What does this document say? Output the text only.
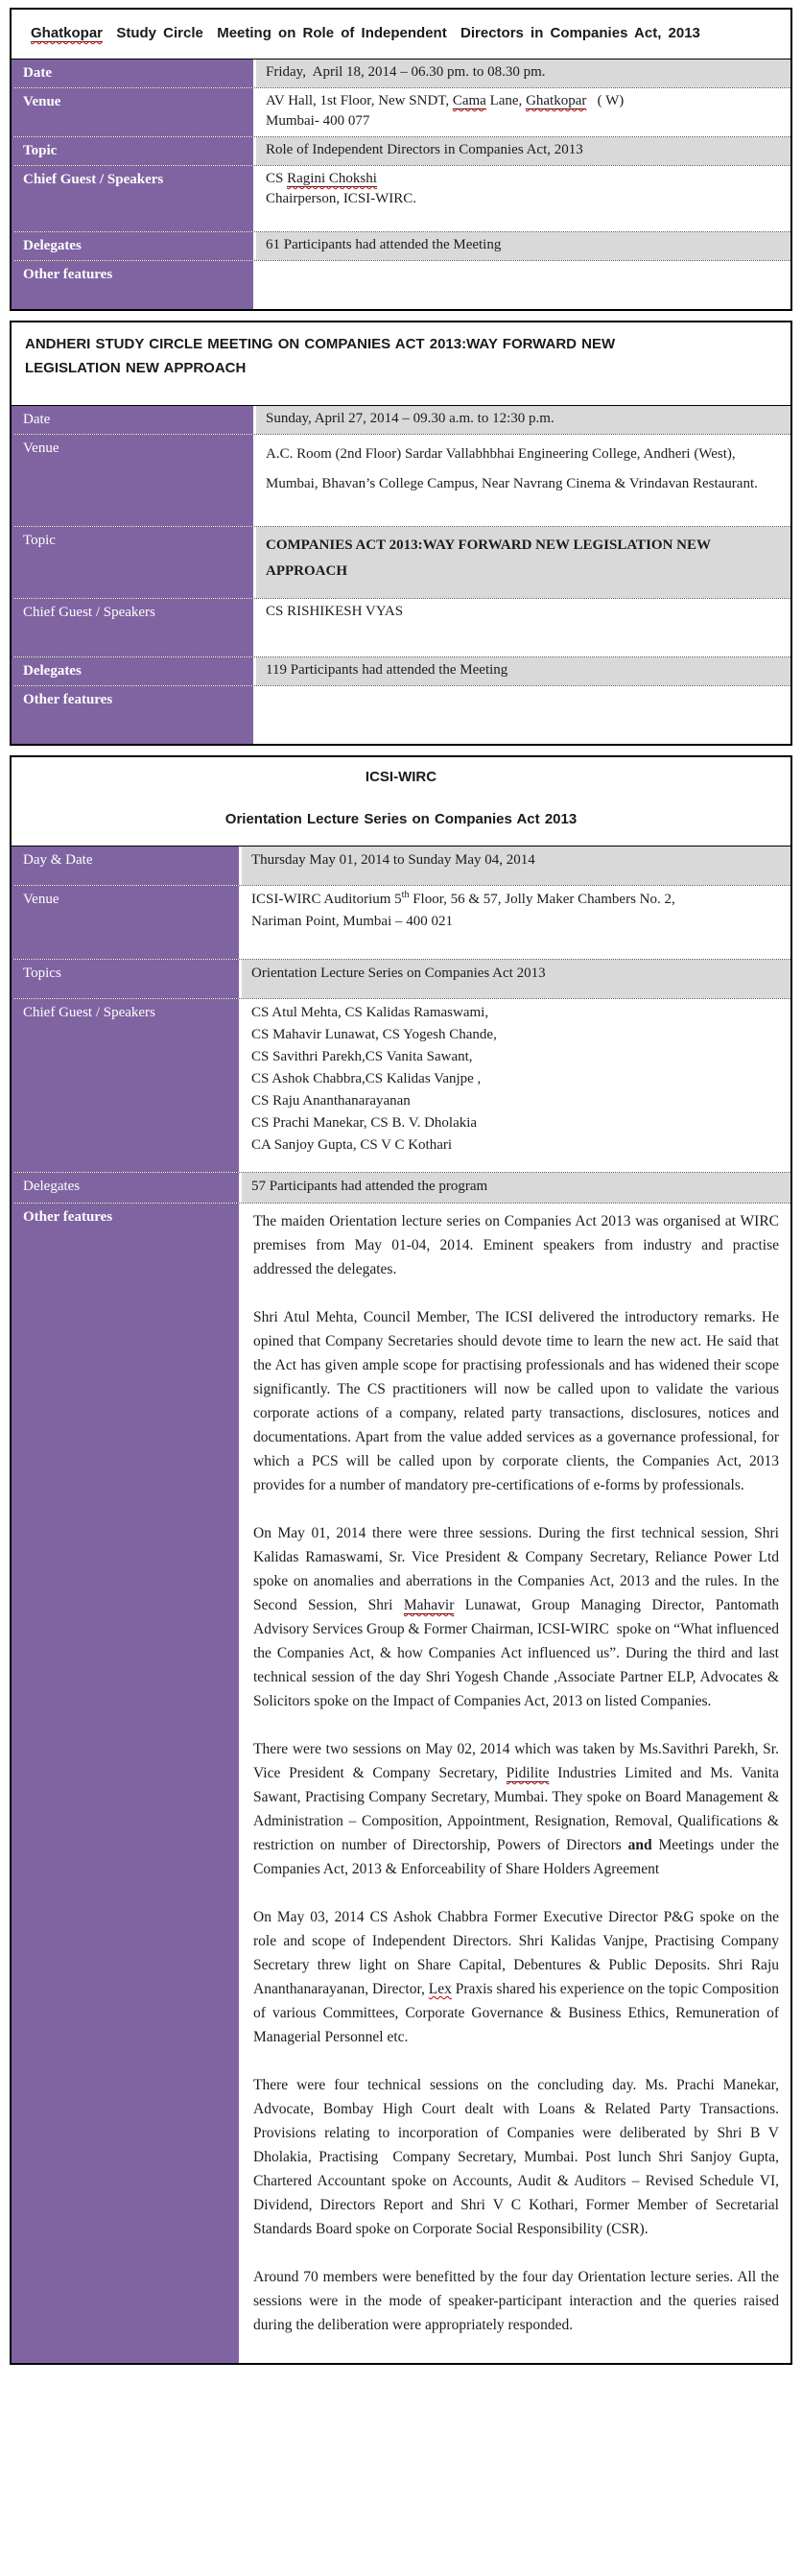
Ghatkopar  Study Circle  Meeting on Role of Independent  Directors in Companies Act, 2013
Date	Friday,  April 18, 2014 – 06.30 pm. to 08.30 pm.
Venue	AV Hall, 1st Floor, New SNDT, Cama Lane, Ghatkopar   ( W)
Mumbai- 400 077
Topic	Role of Independent Directors in Companies Act, 2013
Chief Guest / Speakers	CS Ragini Chokshi
Chairperson, ICSI-WIRC.
Delegates	61 Participants had attended the Meeting
Other features
ANDHERI STUDY CIRCLE MEETING ON COMPANIES ACT 2013:WAY FORWARD NEW
LEGISLATION NEW APPROACH
Date	Sunday, April 27, 2014 – 09.30 a.m. to 12:30 p.m.
Venue	A.C. Room (2nd Floor) Sardar Vallabhbhai Engineering College, Andheri (West), Mumbai, Bhavan’s College Campus, Near Navrang Cinema & Vrindavan Restaurant.
Topic	COMPANIES ACT 2013:WAY FORWARD NEW LEGISLATION NEW APPROACH
Chief Guest / Speakers	CS RISHIKESH VYAS
Delegates	119 Participants had attended the Meeting
Other features
ICSI-WIRC
Orientation Lecture Series on Companies Act 2013
Day & Date	Thursday May 01, 2014 to Sunday May 04, 2014
Venue	ICSI-WIRC Auditorium 5th Floor, 56 & 57, Jolly Maker Chambers No. 2,
Nariman Point, Mumbai – 400 021
Topics	Orientation Lecture Series on Companies Act 2013
Chief Guest / Speakers	CS Atul Mehta, CS Kalidas Ramaswami,
CS Mahavir Lunawat, CS Yogesh Chande,
CS Savithri Parekh,CS Vanita Sawant,
CS Ashok Chabbra,CS Kalidas Vanjpe ,
CS Raju Ananthanarayanan
CS Prachi Manekar, CS B. V. Dholakia
CA Sanjoy Gupta, CS V C Kothari
Delegates	57 Participants had attended the program
Other features	The maiden Orientation lecture series on Companies Act 2013 was organised at WIRC premises from May 01-04, 2014. Eminent speakers from industry and practise addressed the delegates.

Shri Atul Mehta, Council Member, The ICSI delivered the introductory remarks. He opined that Company Secretaries should devote time to learn the new act. He said that the Act has given ample scope for practising professionals and has widened their scope significantly. The CS practitioners will now be called upon to validate the various corporate actions of a company, related party transactions, disclosures, notices and documentations. Apart from the value added services as a governance professional, for which a PCS will be called upon by corporate clients, the Companies Act, 2013 provides for a number of mandatory pre-certifications of e-forms by professionals.

On May 01, 2014 there were three sessions. During the first technical session, Shri Kalidas Ramaswami, Sr. Vice President & Company Secretary, Reliance Power Ltd spoke on anomalies and aberrations in the Companies Act, 2013 and the rules. In the Second Session, Shri Mahavir Lunawat, Group Managing Director, Pantomath Advisory Services Group & Former Chairman, ICSI-WIRC  spoke on “What influenced the Companies Act, & how Companies Act influenced us”. During the third and last technical session of the day Shri Yogesh Chande ,Associate Partner ELP, Advocates & Solicitors spoke on the Impact of Companies Act, 2013 on listed Companies.

There were two sessions on May 02, 2014 which was taken by Ms.Savithri Parekh, Sr. Vice President & Company Secretary, Pidilite Industries Limited and Ms. Vanita Sawant, Practising Company Secretary, Mumbai. They spoke on Board Management & Administration – Composition, Appointment, Resignation, Removal, Qualifications & restriction on number of Directorship, Powers of Directors and Meetings under the Companies Act, 2013 & Enforceability of Share Holders Agreement

On May 03, 2014 CS Ashok Chabbra Former Executive Director P&G spoke on the role and scope of Independent Directors. Shri Kalidas Vanjpe, Practising Company Secretary threw light on Share Capital, Debentures & Public Deposits. Shri Raju Ananthanarayanan, Director, Lex Praxis shared his experience on the topic Composition of various Committees, Corporate Governance & Business Ethics, Remuneration of Managerial Personnel etc.

There were four technical sessions on the concluding day. Ms. Prachi Manekar, Advocate, Bombay High Court dealt with Loans & Related Party Transactions. Provisions relating to incorporation of Companies were deliberated by Shri B V Dholakia, Practising  Company Secretary, Mumbai. Post lunch Shri Sanjoy Gupta, Chartered Accountant spoke on Accounts, Audit & Auditors – Revised Schedule VI, Dividend, Directors Report and Shri V C Kothari, Former Member of Secretarial Standards Board spoke on Corporate Social Responsibility (CSR).

Around 70 members were benefitted by the four day Orientation lecture series. All the sessions were in the mode of speaker-participant interaction and the queries raised during the deliberation were appropriately responded.
